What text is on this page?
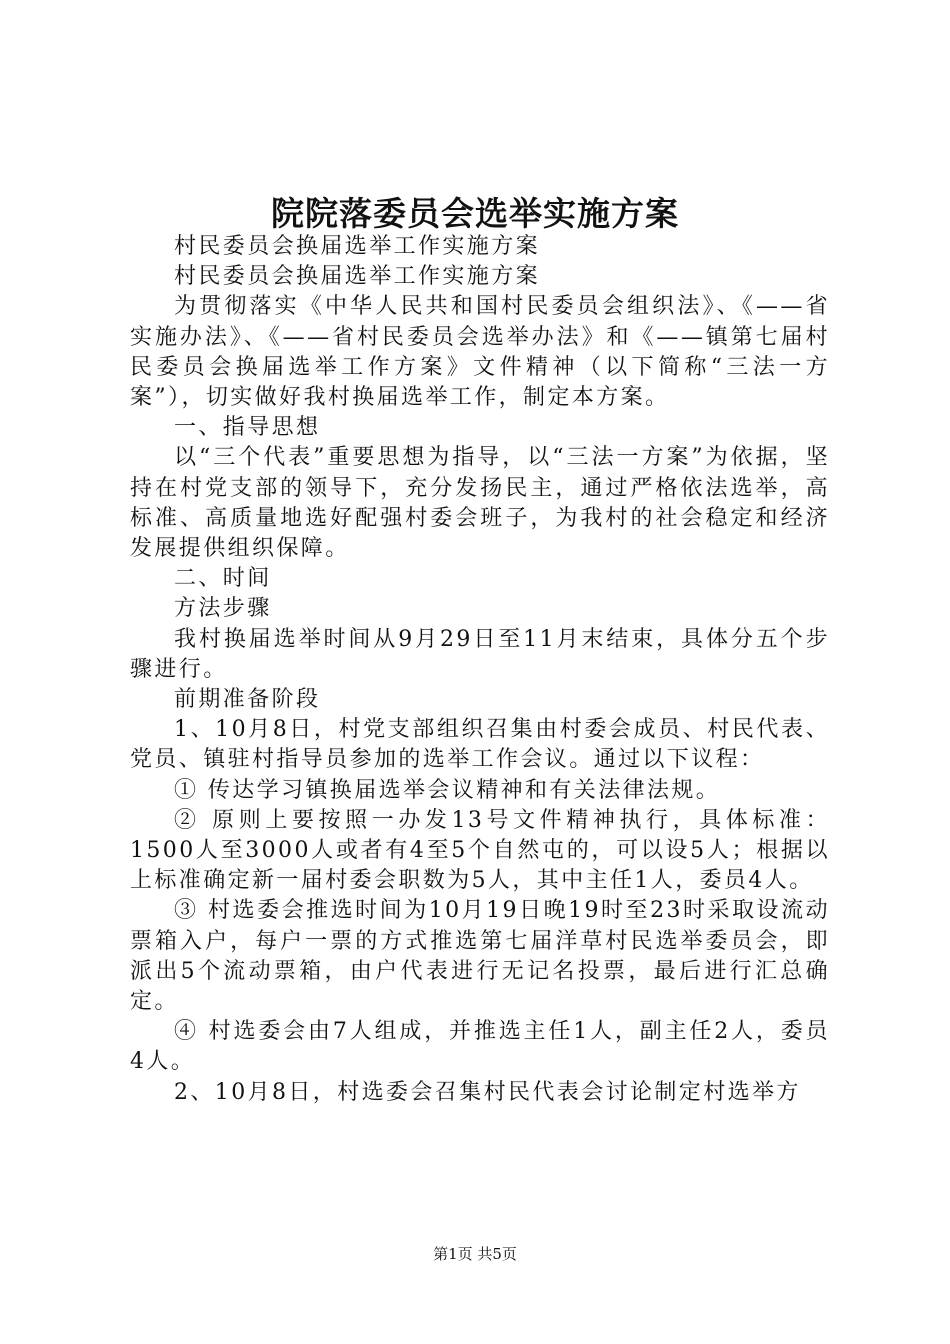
院院落委员会选举实施方案

村民委员会换届选举工作实施方案

村民委员会换届选举工作实施方案

为贯彻落实《中华人民共和国村民委员会组织法》、《——省实施办法》、《——省村民委员会选举办法》和《——镇第七届村民委员会换届选举工作方案》文件精神（以下简称“三法一方案”），切实做好我村换届选举工作，制定本方案。

一、指导思想

以“三个代表”重要思想为指导，以“三法一方案”为依据，坚持在村党支部的领导下，充分发扬民主，通过严格依法选举，高标准、高质量地选好配强村委会班子，为我村的社会稳定和经济发展提供组织保障。

二、时间

方法步骤

我村换届选举时间从9月29日至11月末结束，具体分五个步骤进行。

前期准备阶段

1、10月8日，村党支部组织召集由村委会成员、村民代表、党员、镇驻村指导员参加的选举工作会议。通过以下议程：

① 传达学习镇换届选举会议精神和有关法律法规。

② 原则上要按照一办发13号文件精神执行，具体标准：1500人至3000人或者有4至5个自然屯的，可以设5人；根据以上标准确定新一届村委会职数为5人，其中主任1人，委员4人。

③ 村选委会推选时间为10月19日晚19时至23时采取设流动票箱入户，每户一票的方式推选第七届洋草村民选举委员会，即派出5个流动票箱，由户代表进行无记名投票，最后进行汇总确定。

④ 村选委会由7人组成，并推选主任1人，副主任2人，委员4人。

2、10月8日，村选委会召集村民代表会讨论制定村选举方

第1页 共5页
